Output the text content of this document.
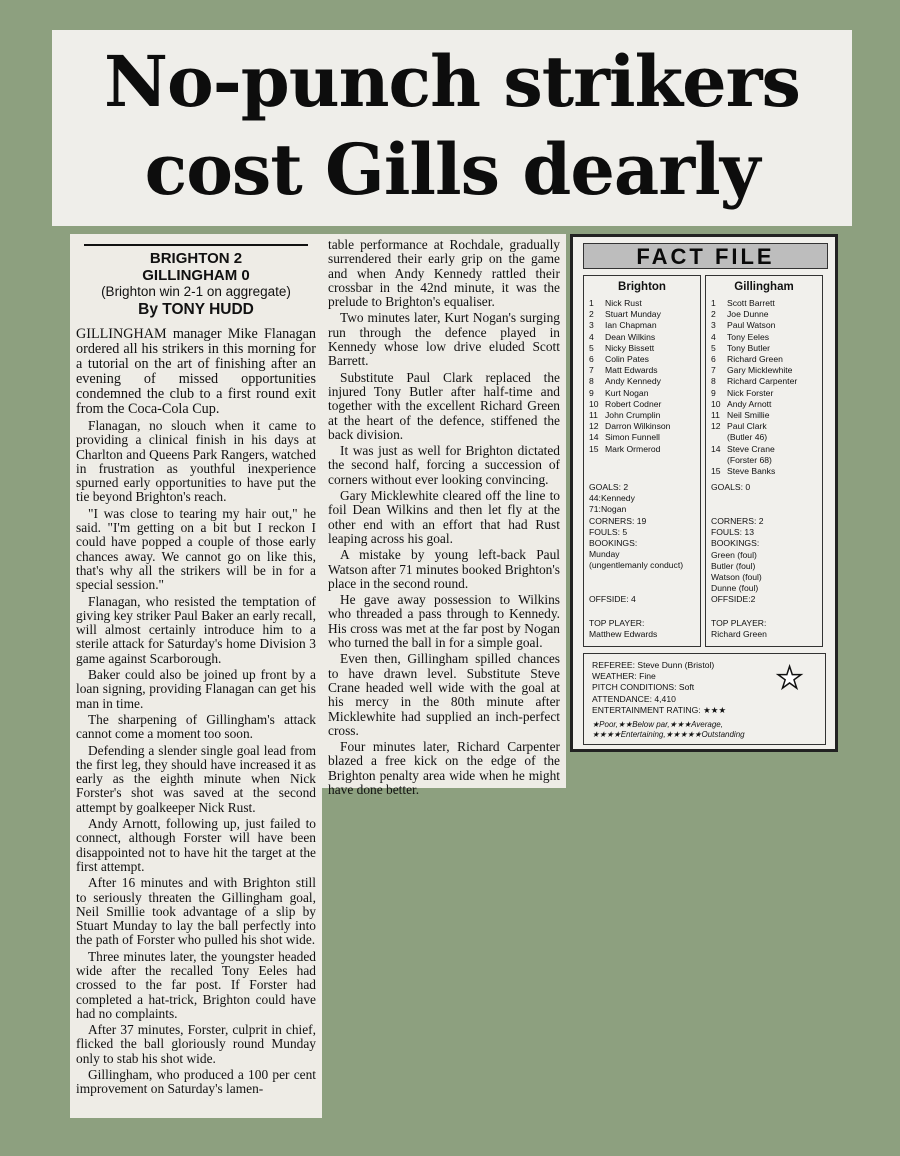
No-punch strikers
cost Gills dearly
BRIGHTON 2
GILLINGHAM 0
(Brighton win 2-1 on aggregate)
By TONY HUDD

GILLINGHAM manager Mike Flanagan ordered all his strikers in this morning for a tutorial on the art of finishing after an evening of missed opportunities condemned the club to a first round exit from the Coca-Cola Cup.

Flanagan, no slouch when it came to providing a clinical finish in his days at Charlton and Queens Park Rangers, watched in frustration as youthful inexperience spurned early opportunities to have put the tie beyond Brighton's reach.

"I was close to tearing my hair out," he said. "I'm getting on a bit but I reckon I could have popped a couple of those early chances away. We cannot go on like this, that's why all the strikers will be in for a special session."

Flanagan, who resisted the temptation of giving key striker Paul Baker an early recall, will almost certainly introduce him to a sterile attack for Saturday's home Division 3 game against Scarborough.

Baker could also be joined up front by a loan signing, providing Flanagan can get his man in time.

The sharpening of Gillingham's attack cannot come a moment too soon.

Defending a slender single goal lead from the first leg, they should have increased it as early as the eighth minute when Nick Forster's shot was saved at the second attempt by goalkeeper Nick Rust.

Andy Arnott, following up, just failed to connect, although Forster will have been disappointed not to have hit the target at the first attempt.

After 16 minutes and with Brighton still to seriously threaten the Gillingham goal, Neil Smillie took advantage of a slip by Stuart Munday to lay the ball perfectly into the path of Forster who pulled his shot wide.

Three minutes later, the youngster headed wide after the recalled Tony Eeles had crossed to the far post. If Forster had completed a hat-trick, Brighton could have had no complaints.

After 37 minutes, Forster, culprit in chief, flicked the ball gloriously round Munday only to stab his shot wide.

Gillingham, who produced a 100 per cent improvement on Saturday's lamen-

table performance at Rochdale, gradually surrendered their early grip on the game and when Andy Kennedy rattled their crossbar in the 42nd minute, it was the prelude to Brighton's equaliser.

Two minutes later, Kurt Nogan's surging run through the defence played in Kennedy whose low drive eluded Scott Barrett.

Substitute Paul Clark replaced the injured Tony Butler after half-time and together with the excellent Richard Green at the heart of the defence, stiffened the back division.

It was just as well for Brighton dictated the second half, forcing a succession of corners without ever looking convincing.

Gary Micklewhite cleared off the line to foil Dean Wilkins and then let fly at the other end with an effort that had Rust leaping across his goal.

A mistake by young left-back Paul Watson after 71 minutes booked Brighton's place in the second round.

He gave away possession to Wilkins who threaded a pass through to Kennedy. His cross was met at the far post by Nogan who turned the ball in for a simple goal.

Even then, Gillingham spilled chances to have drawn level. Substitute Steve Crane headed well wide with the goal at his mercy in the 80th minute after Micklewhite had supplied an inch-perfect cross.

Four minutes later, Richard Carpenter blazed a free kick on the edge of the Brighton penalty area wide when he might have done better.

FACT FILE
Brighton
1	Nick Rust
2	Stuart Munday
3	Ian Chapman
4	Dean Wilkins
5	Nicky Bissett
6	Colin Pates
7	Matt Edwards
8	Andy Kennedy
9	Kurt Nogan
10 Robert Codner
11 John Crumplin
12 Darron Wilkinson
14 Simon Funnell
15 Mark Ormerod
GOALS: 2
44:Kennedy
71:Nogan
CORNERS: 19
FOULS: 5
BOOKINGS:
Munday
(ungentlemanly conduct)
OFFSIDE: 4
TOP PLAYER:
Matthew Edwards
Gillingham
1	Scott Barrett
2	Joe Dunne
3	Paul Watson
4	Tony Eeles
5	Tony Butler
6	Richard Green
7	Gary Micklewhite
8	Richard Carpenter
9	Nick Forster
10 Andy Arnott
11 Neil Smillie
12 Paul Clark
(Butler 46)
14 Steve Crane
(Forster 68)
15 Steve Banks
GOALS: 0
CORNERS: 2
FOULS: 13
BOOKINGS:
Green (foul)
Butler (foul)
Watson (foul)
Dunne (foul)
OFFSIDE:2
TOP PLAYER:
Richard Green
REFEREE: Steve Dunn (Bristol)
WEATHER: Fine
PITCH CONDITIONS: Soft
ATTENDANCE: 4,410
ENTERTAINMENT RATING: ★★★
★Poor,★★Below par,★★★Average,
★★★★Entertaining,★★★★★Outstanding
★
